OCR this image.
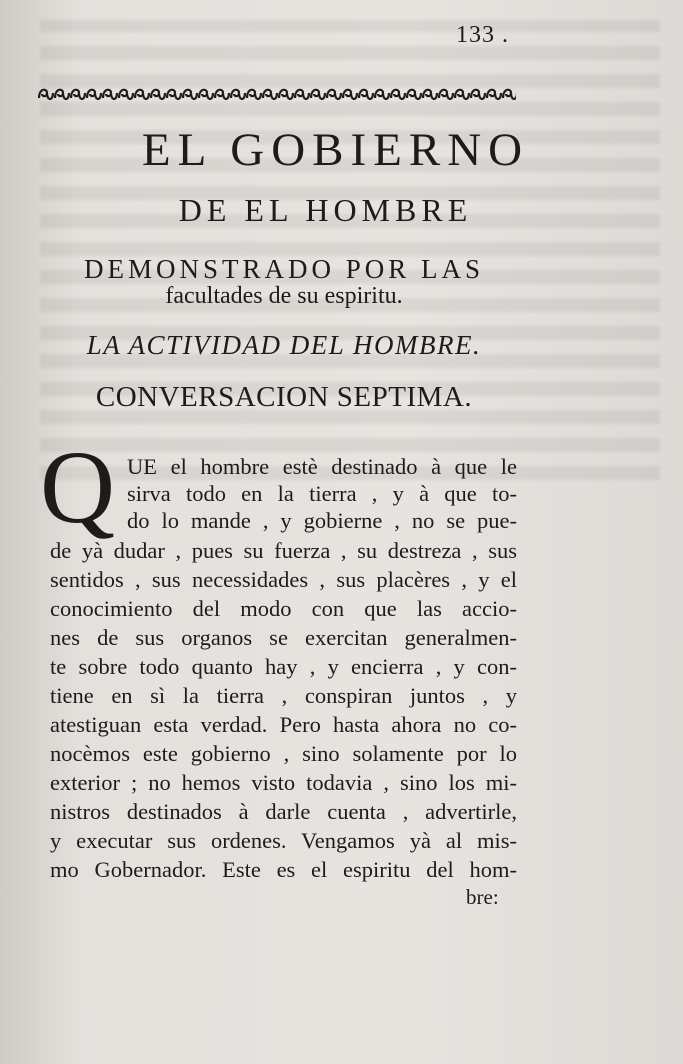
133 .
EL GOBIERNO
DE EL HOMBRE
DEMONSTRADO POR LAS
facultades de su espiritu.
LA ACTIVIDAD DEL HOMBRE.
CONVERSACION SEPTIMA.
Q UE el hombre estè destinado à que le
sirva todo en la tierra , y à que to-
do lo mande , y gobierne , no se pue-
de yà dudar , pues su fuerza , su destreza , sus
sentidos , sus necessidades , sus placères , y el
conocimiento del modo con que las accio-
nes de sus organos se exercitan generalmen-
te sobre todo quanto hay , y encierra , y con-
tiene en sì la tierra , conspiran juntos , y
atestiguan esta verdad. Pero hasta ahora no co-
nocèmos este gobierno , sino solamente por lo
exterior ; no hemos visto todavia , sino los mi-
nistros destinados à darle cuenta , advertirle,
y executar sus ordenes. Vengamos yà al mis-
mo Gobernador. Este es el espiritu del hom-
bre:
